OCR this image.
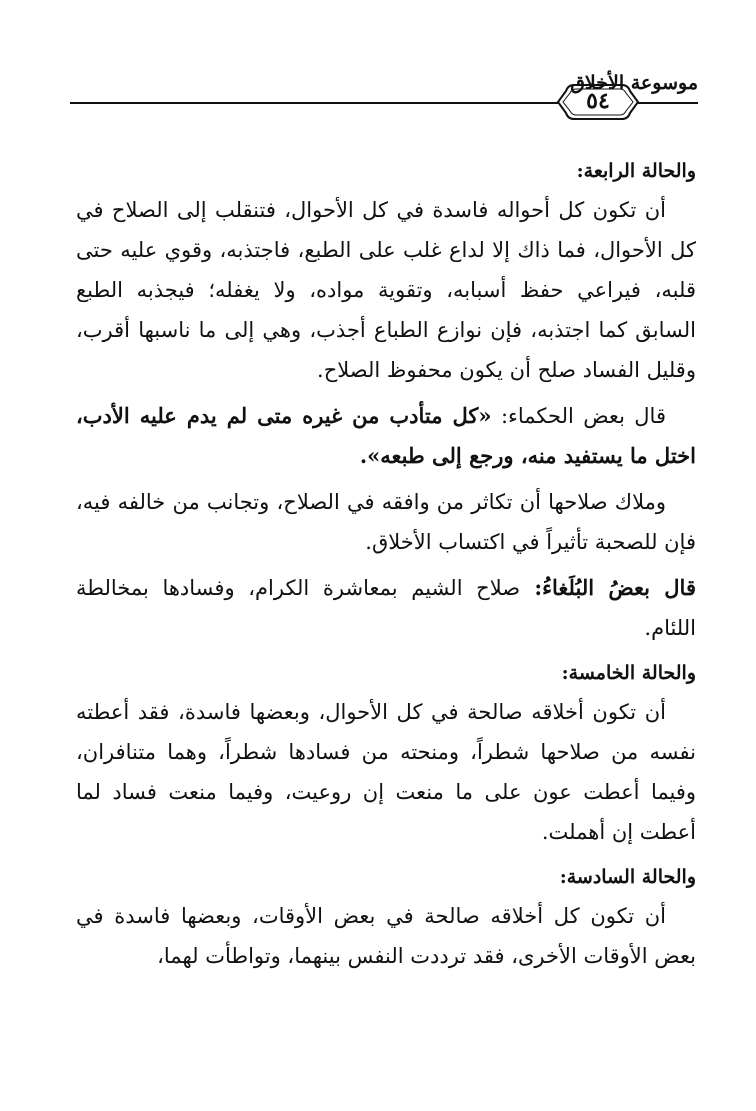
موسوعة الأخلاق
٥٤

والحالة الرابعة:

أن تكون كل أحواله فاسدة في كل الأحوال، فتنقلب إلى الصلاح في كل الأحوال، فما ذاك إلا لداع غلب على الطبع، فاجتذبه، وقوي عليه حتى قلبه، فيراعي حفظ أسبابه، وتقوية مواده، ولا يغفله؛ فيجذبه الطبع السابق كما اجتذبه، فإن نوازع الطباع أجذب، وهي إلى ما ناسبها أقرب، وقليل الفساد صلح أن يكون محفوظ الصلاح.

قال بعض الحكماء: «كل متأدب من غيره متى لم يدم عليه الأدب، اختل ما يستفيد منه، ورجع إلى طبعه».

وملاك صلاحها أن تكاثر من وافقه في الصلاح، وتجانب من خالفه فيه، فإن للصحبة تأثيراً في اكتساب الأخلاق.

قال بعضُ البُلَغاءُ: صلاح الشيم بمعاشرة الكرام، وفسادها بمخالطة اللئام.

والحالة الخامسة:

أن تكون أخلاقه صالحة في كل الأحوال، وبعضها فاسدة، فقد أعطته نفسه من صلاحها شطراً، ومنحته من فسادها شطراً، وهما متنافران، وفيما أعطت عون على ما منعت إن روعيت، وفيما منعت فساد لما أعطت إن أهملت.

والحالة السادسة:

أن تكون كل أخلاقه صالحة في بعض الأوقات، وبعضها فاسدة في بعض الأوقات الأخرى، فقد ترددت النفس بينهما، وتواطأت لهما،
